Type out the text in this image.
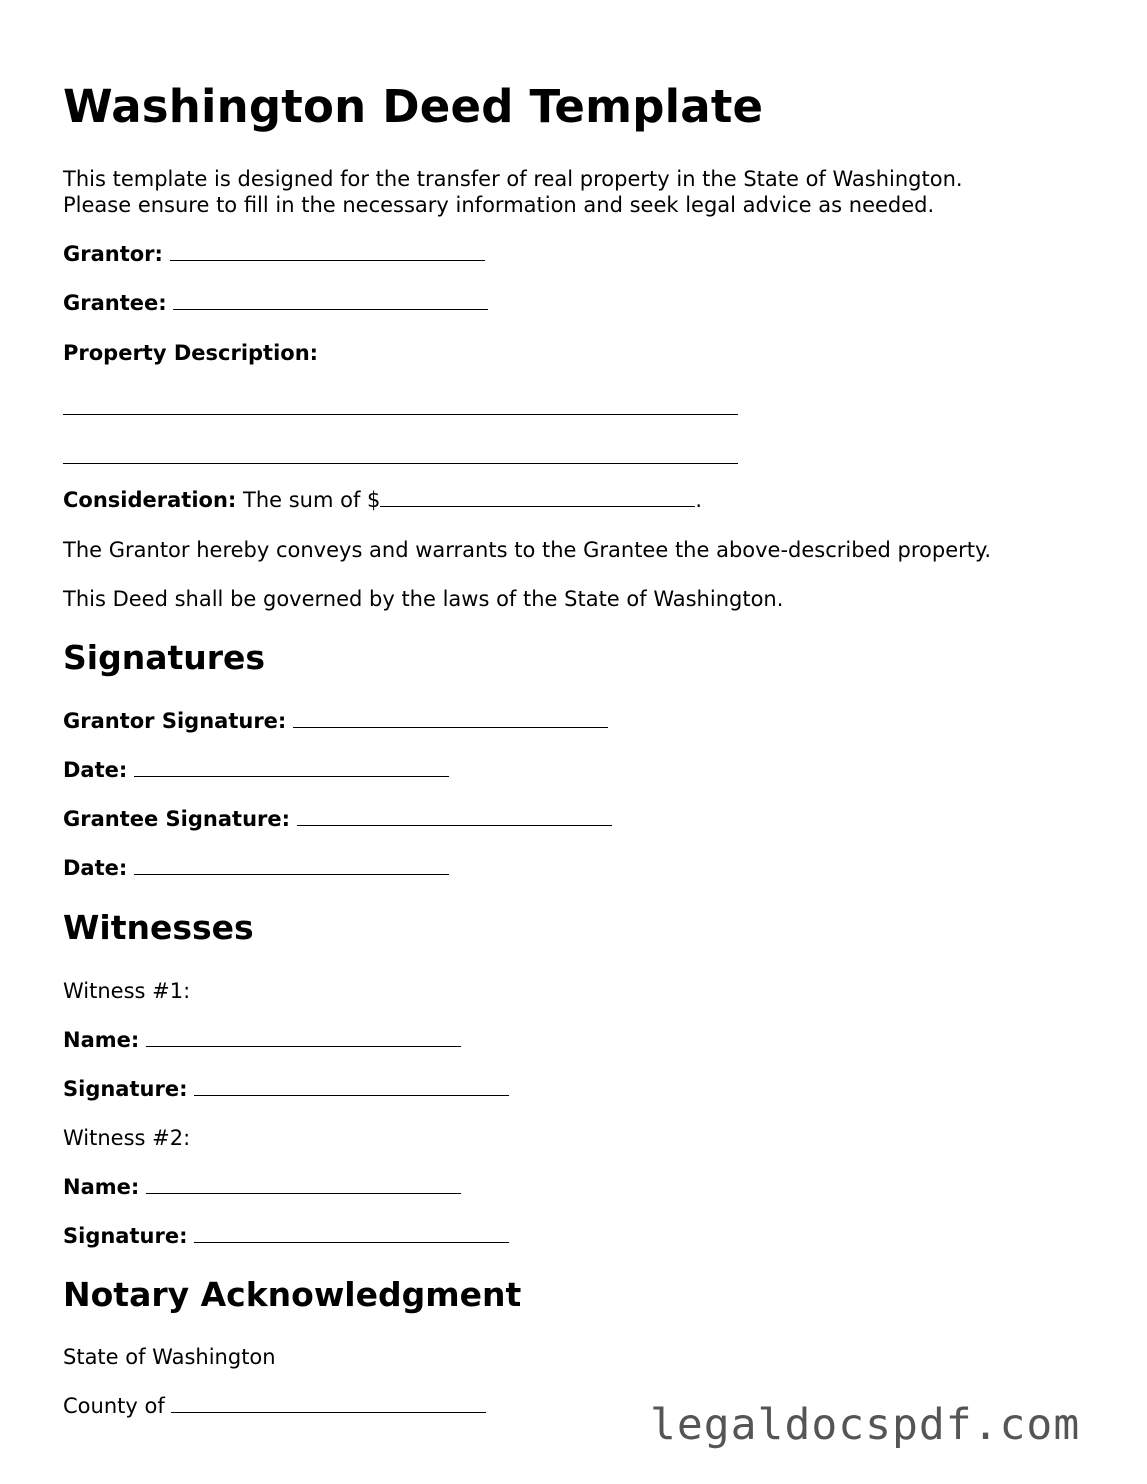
Washington Deed Template
This template is designed for the transfer of real property in the State of Washington.
Please ensure to fill in the necessary information and seek legal advice as needed.
Grantor:
Grantee:
Property Description:
Consideration: The sum of $	.
The Grantor hereby conveys and warrants to the Grantee the above-described property.
This Deed shall be governed by the laws of the State of Washington.
Signatures
Grantor Signature:
Date:
Grantee Signature:
Date:
Witnesses
Witness #1:
Name:
Signature:
Witness #2:
Name:
Signature:
Notary Acknowledgment
State of Washington
County of	legaldocspdf.com
